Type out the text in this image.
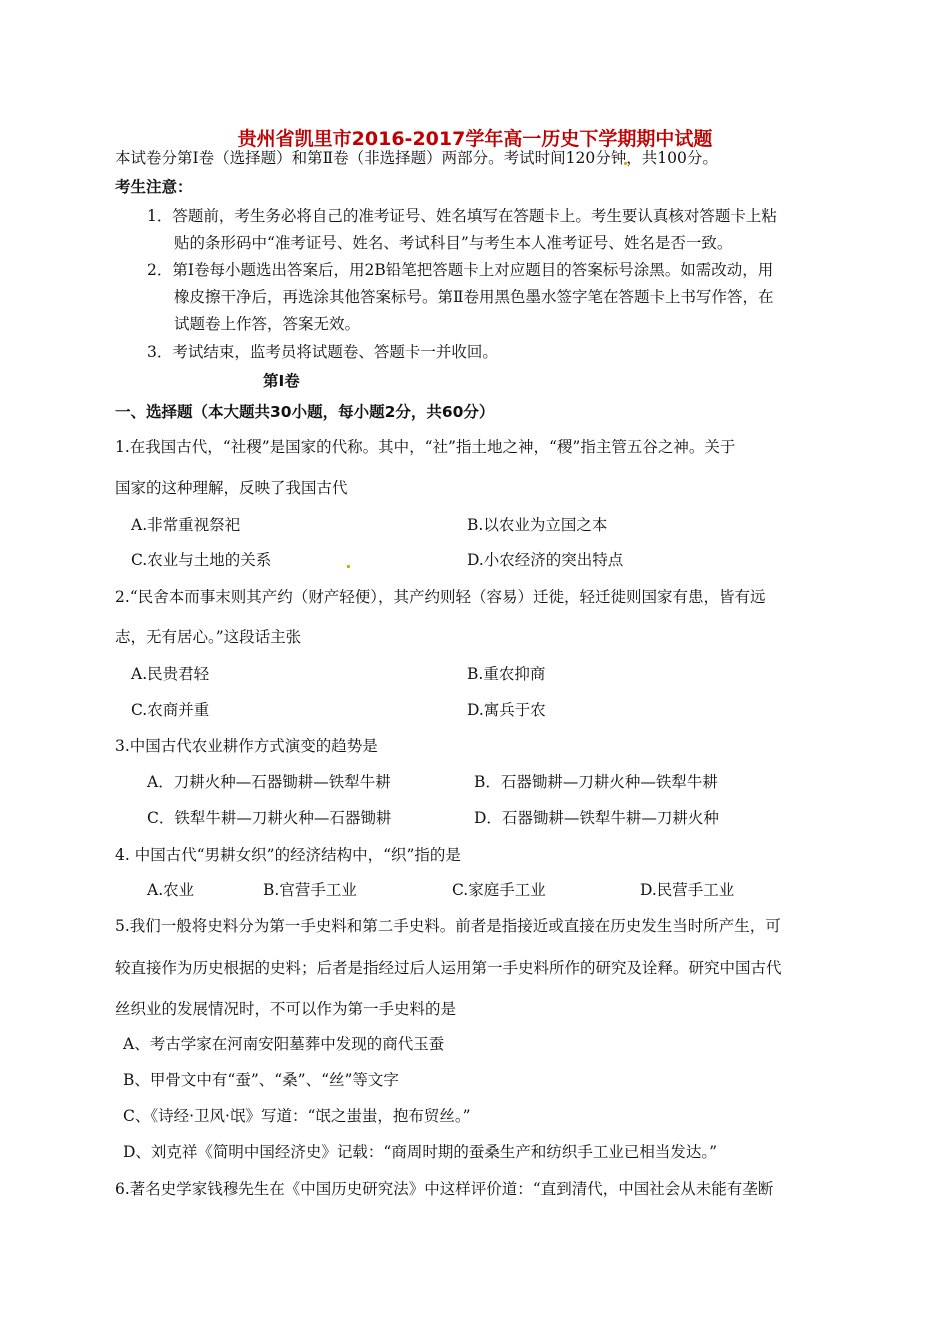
贵州省凯里市2016-2017学年高一历史下学期期中试题
本试卷分第Ⅰ卷（选择题）和第Ⅱ卷（非选择题）两部分。考试时间120分钟，共100分。
考生注意：
1．答题前，考生务必将自己的准考证号、姓名填写在答题卡上。考生要认真核对答题卡上粘
贴的条形码中“准考证号、姓名、考试科目”与考生本人准考证号、姓名是否一致。
2．第Ⅰ卷每小题选出答案后，用2B铅笔把答题卡上对应题目的答案标号涂黑。如需改动，用
橡皮擦干净后，再选涂其他答案标号。第Ⅱ卷用黑色墨水签字笔在答题卡上书写作答，在
试题卷上作答，答案无效。
3．考试结束，监考员将试题卷、答题卡一并收回。
第Ⅰ卷
一、选择题（本大题共30小题，每小题2分，共60分）
1.在我国古代，“社稷”是国家的代称。其中，“社”指土地之神，“稷”指主管五谷之神。关于
国家的这种理解，反映了我国古代
A.非常重视祭祀	B.以农业为立国之本
C.农业与土地的关系	D.小农经济的突出特点
2.“民舍本而事末则其产约（财产轻便），其产约则轻（容易）迁徙，轻迁徙则国家有患，皆有远
志，无有居心。”这段话主张
A.民贵君轻	B.重农抑商
C.农商并重	D.寓兵于农
3.中国古代农业耕作方式演变的趋势是
A．刀耕火种—石器锄耕—铁犁牛耕	B．石器锄耕—刀耕火种—铁犁牛耕
C．铁犁牛耕—刀耕火种—石器锄耕	D．石器锄耕—铁犁牛耕—刀耕火种
4. 中国古代“男耕女织”的经济结构中，“织”指的是
A.农业	B.官营手工业	C.家庭手工业	D.民营手工业
5.我们一般将史料分为第一手史料和第二手史料。前者是指接近或直接在历史发生当时所产生，可
较直接作为历史根据的史料；后者是指经过后人运用第一手史料所作的研究及诠释。研究中国古代
丝织业的发展情况时，不可以作为第一手史料的是
A、考古学家在河南安阳墓葬中发现的商代玉蚕
B、甲骨文中有“蚕”、“桑”、“丝”等文字
C、《诗经·卫风·氓》写道：“氓之蚩蚩，抱布贸丝。”
D、刘克祥《简明中国经济史》记载：“商周时期的蚕桑生产和纺织手工业已相当发达。”
6.著名史学家钱穆先生在《中国历史研究法》中这样评价道：“直到清代，中国社会从未能有垄断
